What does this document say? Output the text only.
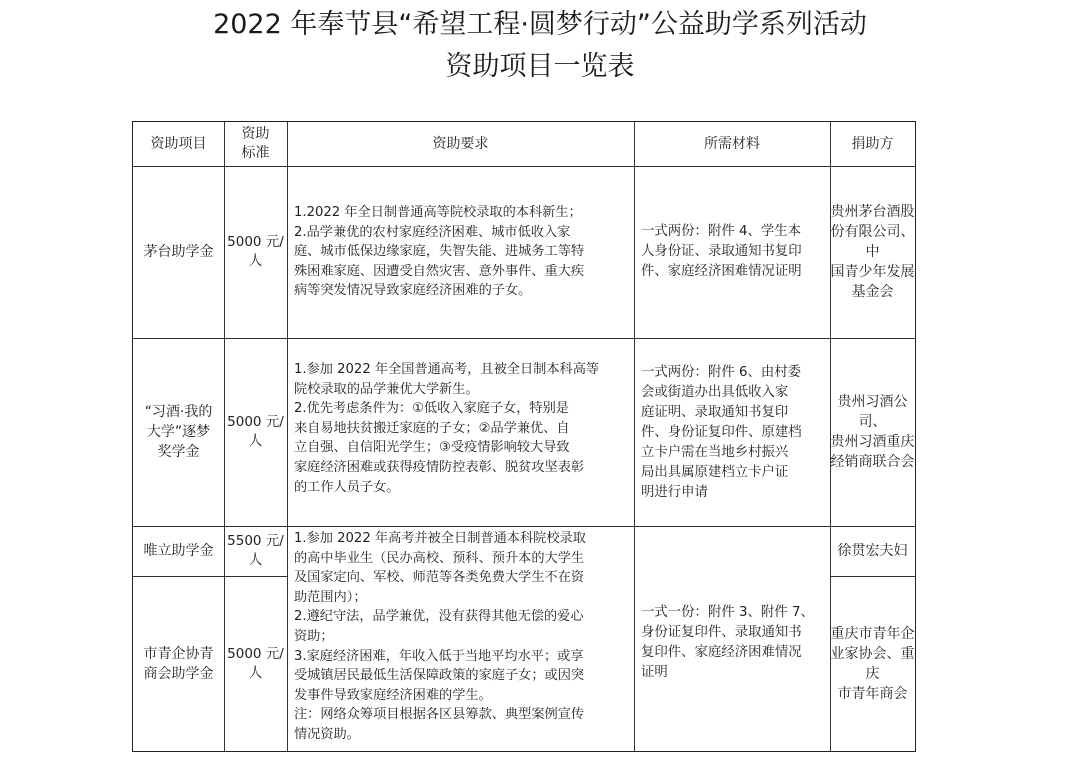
2022 年奉节县“希望工程·圆梦行动”公益助学系列活动
资助项目一览表
资助项目
资助
标准
资助要求	所需材料	捐助方
茅台助学金
5000 元/
人
1.2022 年全日制普通高等院校录取的本科新生；
2.品学兼优的农村家庭经济困难、城市低收入家
庭、城市低保边缘家庭，失智失能、进城务工等特
殊困难家庭、因遭受自然灾害、意外事件、重大疾
病等突发情况导致家庭经济困难的子女。
一式两份：附件 4、学生本
人身份证、录取通知书复印
件、家庭经济困难情况证明
贵州茅台酒股
份有限公司、中
国青少年发展
基金会
“习酒·我的
大学”逐梦
奖学金
5000 元/
人
1.参加 2022 年全国普通高考，且被全日制本科高等
院校录取的品学兼优大学新生。
2.优先考虑条件为：①低收入家庭子女，特别是
来自易地扶贫搬迁家庭的子女；②品学兼优、自
立自强、自信阳光学生；③受疫情影响较大导致
家庭经济困难或获得疫情防控表彰、脱贫攻坚表彰
的工作人员子女。
一式两份：附件 6、由村委
会或街道办出具低收入家
庭证明、录取通知书复印
件、身份证复印件、原建档
立卡户需在当地乡村振兴
局出具属原建档立卡户证
明进行申请
贵州习酒公司、
贵州习酒重庆
经销商联合会
唯立助学金
5500 元/
人
徐贯宏夫妇
市青企协青
商会助学金
5000 元/
人
重庆市青年企
业家协会、重庆
市青年商会
1.参加 2022 年高考并被全日制普通本科院校录取
的高中毕业生（民办高校、预科、预升本的大学生
及国家定向、军校、师范等各类免费大学生不在资
助范围内）；
2.遵纪守法，品学兼优，没有获得其他无偿的爱心
资助；
3.家庭经济困难，年收入低于当地平均水平；或享
受城镇居民最低生活保障政策的家庭子女；或因突
发事件导致家庭经济困难的学生。
注：网络众筹项目根据各区县筹款、典型案例宣传
情况资助。
一式一份：附件 3、附件 7、
身份证复印件、录取通知书
复印件、家庭经济困难情况
证明
